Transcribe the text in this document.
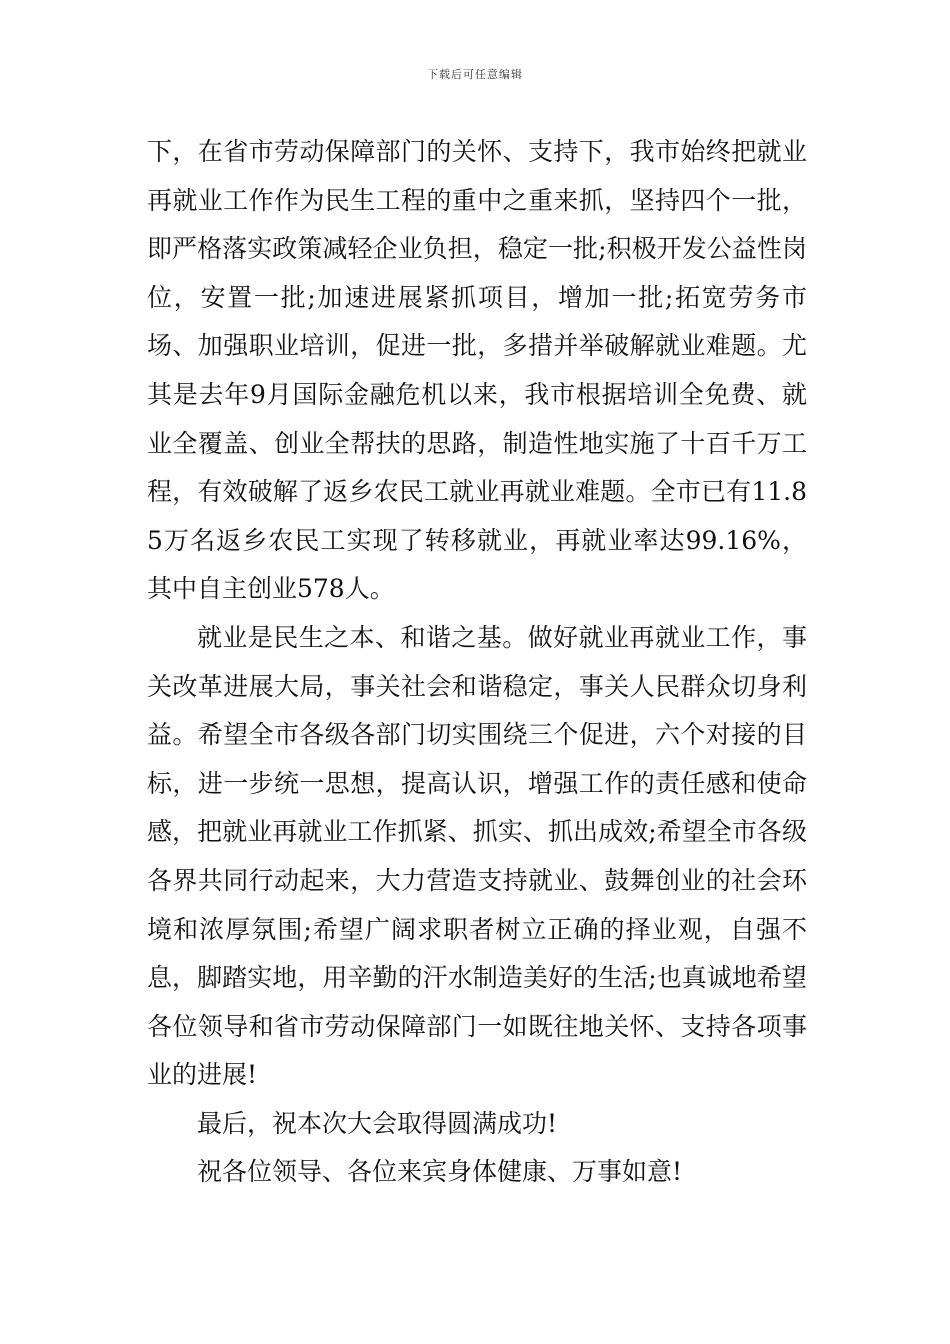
下载后可任意编辑

下，在省市劳动保障部门的关怀、支持下，我市始终把就业再就业工作作为民生工程的重中之重来抓，坚持四个一批，即严格落实政策减轻企业负担，稳定一批;积极开发公益性岗位，安置一批;加速进展紧抓项目，增加一批;拓宽劳务市场、加强职业培训，促进一批，多措并举破解就业难题。尤其是去年9月国际金融危机以来，我市根据培训全免费、就业全覆盖、创业全帮扶的思路，制造性地实施了十百千万工程，有效破解了返乡农民工就业再就业难题。全市已有11.85万名返乡农民工实现了转移就业，再就业率达99.16%，其中自主创业578人。

就业是民生之本、和谐之基。做好就业再就业工作，事关改革进展大局，事关社会和谐稳定，事关人民群众切身利益。希望全市各级各部门切实围绕三个促进，六个对接的目标，进一步统一思想，提高认识，增强工作的责任感和使命感，把就业再就业工作抓紧、抓实、抓出成效;希望全市各级各界共同行动起来，大力营造支持就业、鼓舞创业的社会环境和浓厚氛围;希望广阔求职者树立正确的择业观，自强不息，脚踏实地，用辛勤的汗水制造美好的生活;也真诚地希望各位领导和省市劳动保障部门一如既往地关怀、支持各项事业的进展!

最后，祝本次大会取得圆满成功!

祝各位领导、各位来宾身体健康、万事如意!
